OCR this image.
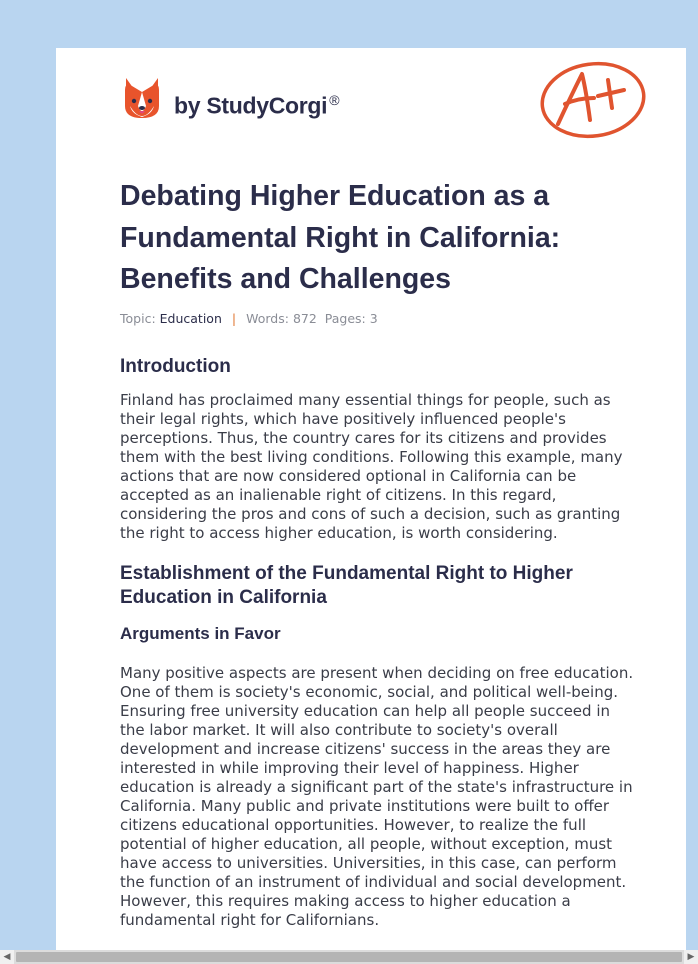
by StudyCorgi ®
Debating Higher Education as a Fundamental Right in California: Benefits and Challenges
Topic: Education | Words: 872 Pages: 3
Introduction

Finland has proclaimed many essential things for people, such as their legal rights, which have positively influenced people's perceptions. Thus, the country cares for its citizens and provides them with the best living conditions. Following this example, many actions that are now considered optional in California can be accepted as an inalienable right of citizens. In this regard, considering the pros and cons of such a decision, such as granting the right to access higher education, is worth considering.

Establishment of the Fundamental Right to Higher Education in California
Arguments in Favor

Many positive aspects are present when deciding on free education. One of them is society's economic, social, and political well-being. Ensuring free university education can help all people succeed in the labor market. It will also contribute to society's overall development and increase citizens' success in the areas they are interested in while improving their level of happiness. Higher education is already a significant part of the state's infrastructure in California. Many public and private institutions were built to offer citizens educational opportunities. However, to realize the full potential of higher education, all people, without exception, must have access to universities. Universities, in this case, can perform the function of an instrument of individual and social development. However, this requires making access to higher education a fundamental right for Californians.

◀	▶
